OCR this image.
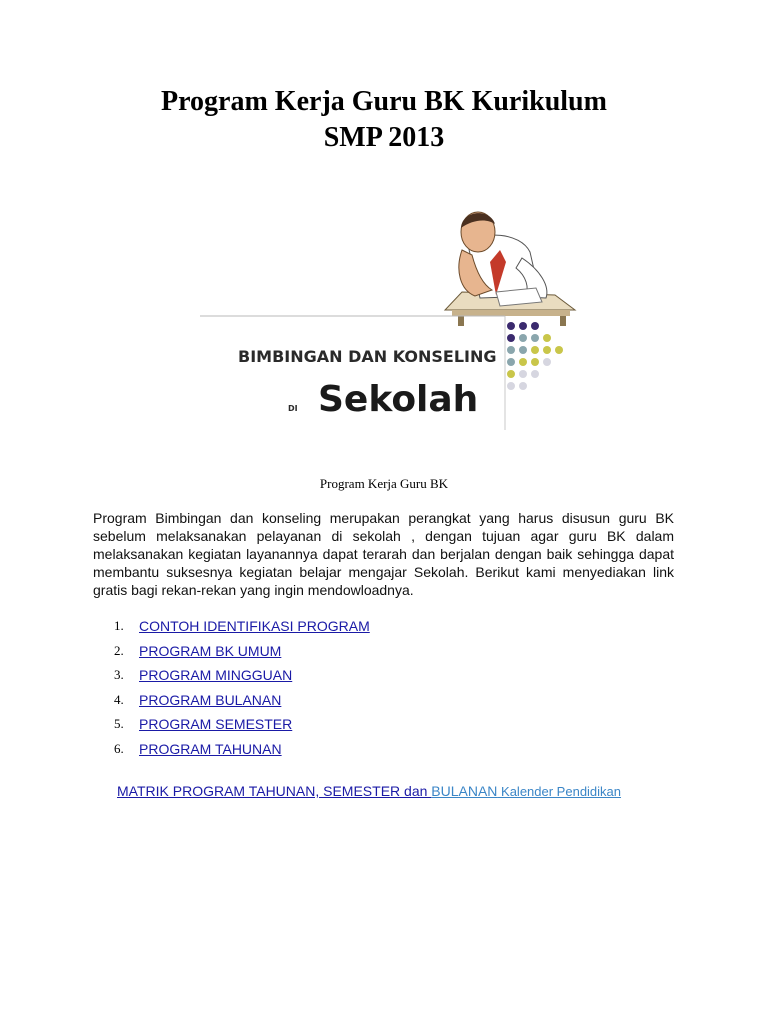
Program Kerja Guru BK Kurikulum
SMP 2013
BIMBINGAN DAN KONSELING
DI Sekolah
Program Kerja Guru BK

Program Bimbingan dan konseling merupakan perangkat yang harus disusun guru BK sebelum melaksanakan pelayanan di sekolah , dengan tujuan agar guru BK dalam melaksanakan kegiatan layanannya dapat terarah dan berjalan dengan baik sehingga dapat membantu suksesnya kegiatan belajar mengajar Sekolah. Berikut kami menyediakan link gratis bagi rekan-rekan yang ingin mendowloadnya.

1.	CONTOH IDENTIFIKASI PROGRAM
2.	PROGRAM BK UMUM
3.	PROGRAM MINGGUAN
4.	PROGRAM BULANAN
5.	PROGRAM SEMESTER
6.	PROGRAM TAHUNAN

MATRIK PROGRAM TAHUNAN, SEMESTER dan BULANAN Kalender Pendidikan
